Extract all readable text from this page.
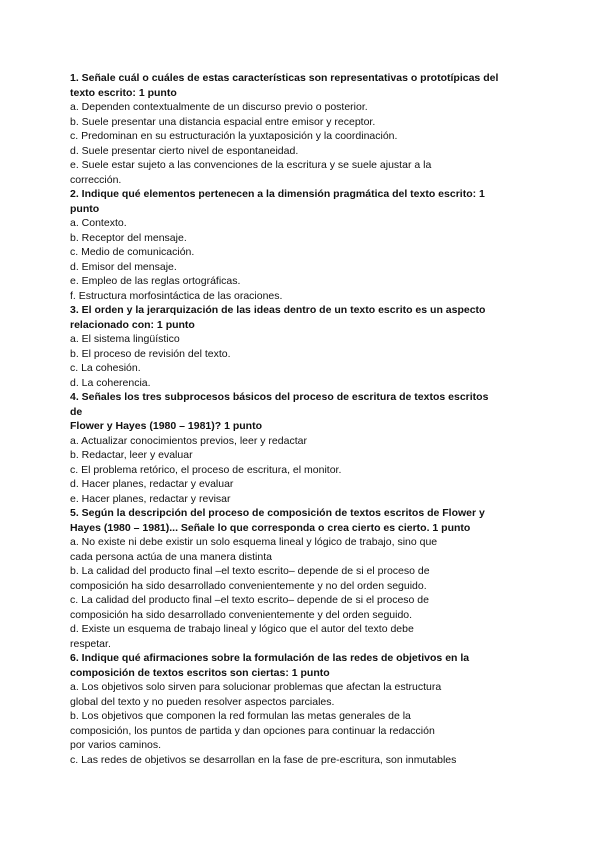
1. Señale cuál o cuáles de estas características son representativas o prototípicas del
texto escrito: 1 punto
a. Dependen contextualmente de un discurso previo o posterior.
b. Suele presentar una distancia espacial entre emisor y receptor.
c. Predominan en su estructuración la yuxtaposición y la coordinación.
d. Suele presentar cierto nivel de espontaneidad.
e. Suele estar sujeto a las convenciones de la escritura y se suele ajustar a la
corrección.
2. Indique qué elementos pertenecen a la dimensión pragmática del texto escrito: 1
punto
a. Contexto.
b. Receptor del mensaje.
c. Medio de comunicación.
d. Emisor del mensaje.
e. Empleo de las reglas ortográficas.
f. Estructura morfosintáctica de las oraciones.
3. El orden y la jerarquización de las ideas dentro de un texto escrito es un aspecto
relacionado con: 1 punto
a. El sistema lingüístico
b. El proceso de revisión del texto.
c. La cohesión.
d. La coherencia.
4. Señales los tres subprocesos básicos del proceso de escritura de textos escritos
de
Flower y Hayes (1980 – 1981)? 1 punto
a. Actualizar conocimientos previos, leer y redactar
b. Redactar, leer y evaluar
c. El problema retórico, el proceso de escritura, el monitor.
d. Hacer planes, redactar y evaluar
e. Hacer planes, redactar y revisar
5. Según la descripción del proceso de composición de textos escritos de Flower y
Hayes (1980 – 1981)... Señale lo que corresponda o crea cierto es cierto. 1 punto
a. No existe ni debe existir un solo esquema lineal y lógico de trabajo, sino que
cada persona actúa de una manera distinta
b. La calidad del producto final –el texto escrito– depende de si el proceso de
composición ha sido desarrollado convenientemente y no del orden seguido.
c. La calidad del producto final –el texto escrito– depende de si el proceso de
composición ha sido desarrollado convenientemente y del orden seguido.
d. Existe un esquema de trabajo lineal y lógico que el autor del texto debe
respetar.
6. Indique qué afirmaciones sobre la formulación de las redes de objetivos en la
composición de textos escritos son ciertas: 1 punto
a. Los objetivos solo sirven para solucionar problemas que afectan la estructura
global del texto y no pueden resolver aspectos parciales.
b. Los objetivos que componen la red formulan las metas generales de la
composición, los puntos de partida y dan opciones para continuar la redacción
por varios caminos.
c. Las redes de objetivos se desarrollan en la fase de pre-escritura, son inmutables
